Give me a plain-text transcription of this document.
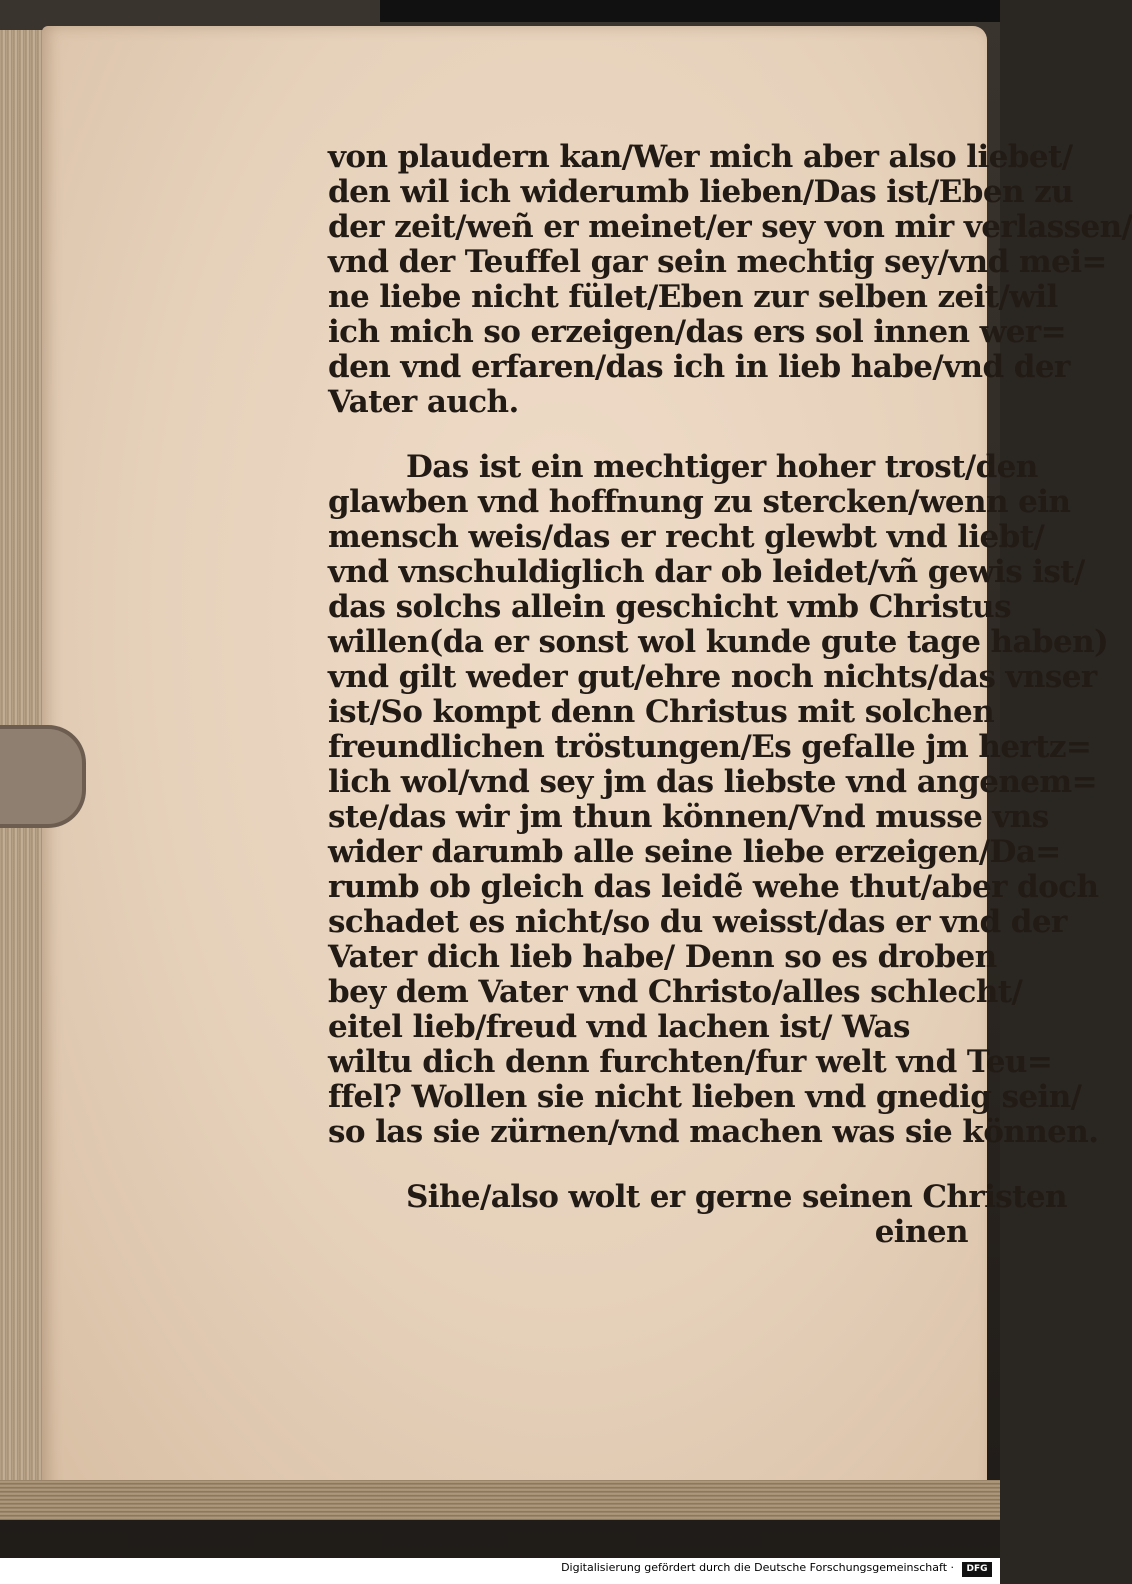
von plaudern kan/Wer mich aber also liebet/
den wil ich widerumb lieben/Das ist/Eben zu
der zeit/weñ er meinet/er sey von mir verlassen/
vnd der Teuffel gar sein mechtig sey/vnd mei=
ne liebe nicht fület/Eben zur selben zeit/wil
ich mich so erzeigen/das ers sol innen wer=
den vnd erfaren/das ich in lieb habe/vnd der
Vater auch.
Das ist ein mechtiger hoher trost/den
glawben vnd hoffnung zu stercken/wenn ein
mensch weis/das er recht glewbt vnd liebt/
vnd vnschuldiglich dar ob leidet/vñ gewis ist/
das solchs allein geschicht vmb Christus
willen(da er sonst wol kunde gute tage haben)
vnd gilt weder gut/ehre noch nichts/das vnser
ist/So kompt denn Christus mit solchen
freundlichen tröstungen/Es gefalle jm hertz=
lich wol/vnd sey jm das liebste vnd angenem=
ste/das wir jm thun können/Vnd musse vns
wider darumb alle seine liebe erzeigen/Da=
rumb ob gleich das leidẽ wehe thut/aber doch
schadet es nicht/so du weisst/das er vnd der
Vater dich lieb habe/ Denn so es droben
bey dem Vater vnd Christo/alles schlecht/
eitel lieb/freud vnd lachen ist/ Was
wiltu dich denn furchten/fur welt vnd Teu=
ffel? Wollen sie nicht lieben vnd gnedig sein/
so las sie zürnen/vnd machen was sie können.
Sihe/also wolt er gerne seinen Christen
einen
Digitalisierung gefördert durch die Deutsche Forschungsgemeinschaft ·	DFG
